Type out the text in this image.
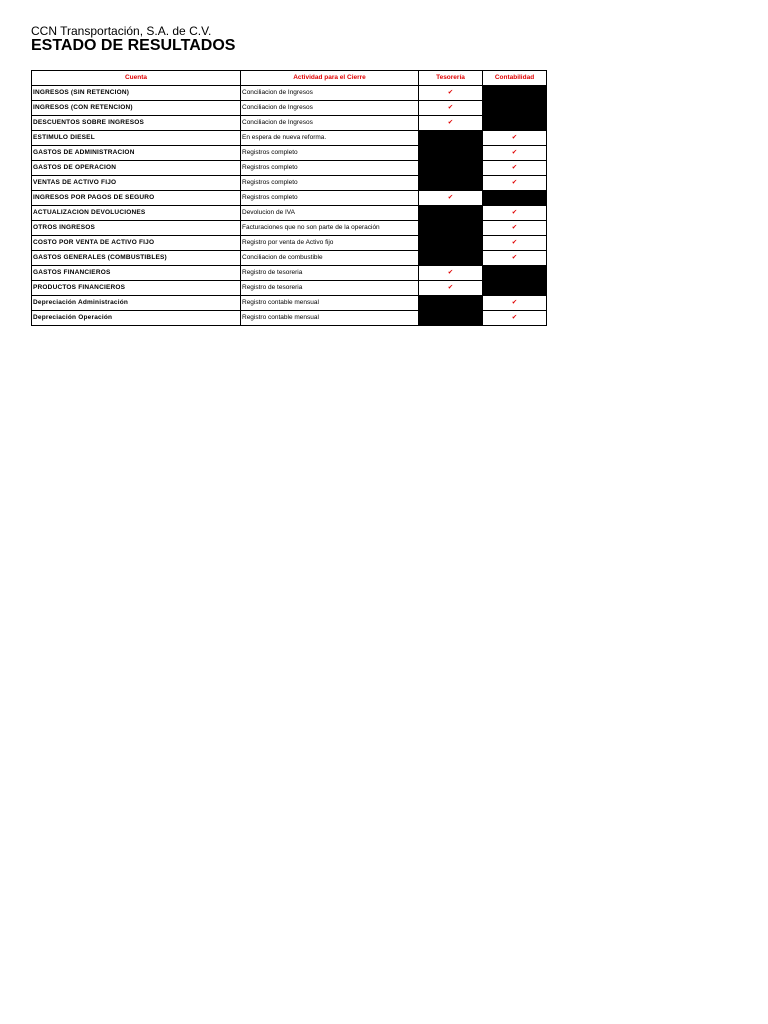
CCN Transportación, S.A. de C.V.
ESTADO DE RESULTADOS
Cuenta	Actividad para el Cierre	Tesorería	Contabilidad
INGRESOS (SIN RETENCION)	Conciliacion de Ingresos	✔	
INGRESOS (CON RETENCION)	Conciliacion de Ingresos	✔	
DESCUENTOS SOBRE INGRESOS	Conciliacion de Ingresos	✔	
ESTIMULO DIESEL	En espera de nueva reforma.		✔
GASTOS DE ADMINISTRACION	Registros completo		✔
GASTOS DE OPERACION	Registros completo		✔
VENTAS DE ACTIVO FIJO	Registros completo		✔
INGRESOS POR PAGOS DE SEGURO	Registros completo	✔	
ACTUALIZACION DEVOLUCIONES	Devolucion de IVA		✔
OTROS INGRESOS	Facturaciones que no son parte de la operación		✔
COSTO POR VENTA DE ACTIVO FIJO	Registro por venta de Activo fijo		✔
GASTOS GENERALES (COMBUSTIBLES)	Conciliacion de combustible		✔
GASTOS FINANCIEROS	Registro de tesoreria	✔	
PRODUCTOS FINANCIEROS	Registro de tesoreria	✔	
Depreciación Administración	Registro contable mensual		✔
Depreciación Operación	Registro contable mensual		✔
